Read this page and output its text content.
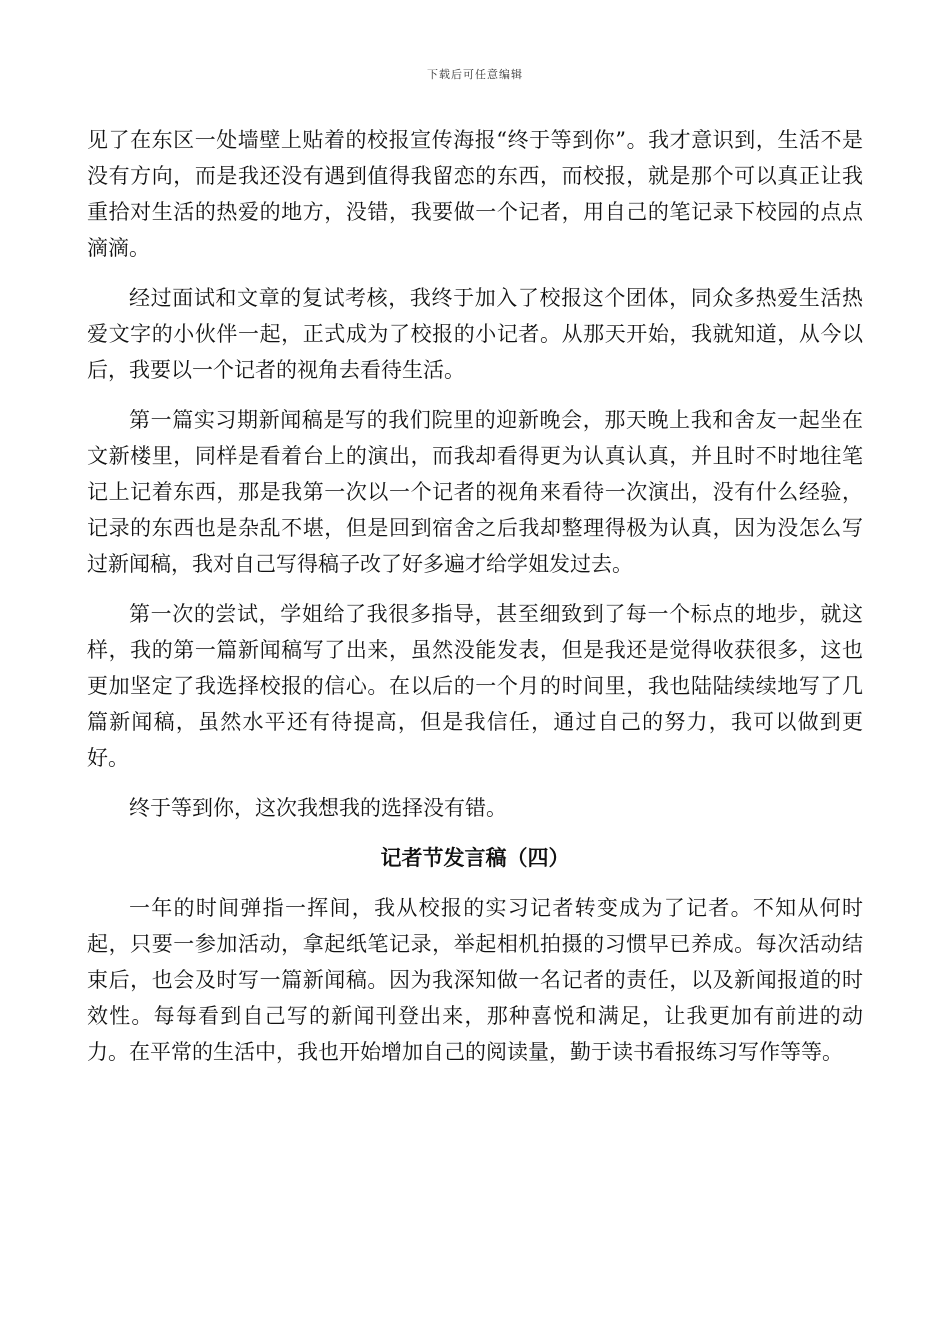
下载后可任意编辑

见了在东区一处墙壁上贴着的校报宣传海报“终于等到你”。我才意识到，生活不是没有方向，而是我还没有遇到值得我留恋的东西，而校报，就是那个可以真正让我重拾对生活的热爱的地方，没错，我要做一个记者，用自己的笔记录下校园的点点滴滴。

经过面试和文章的复试考核，我终于加入了校报这个团体，同众多热爱生活热爱文字的小伙伴一起，正式成为了校报的小记者。从那天开始，我就知道，从今以后，我要以一个记者的视角去看待生活。

第一篇实习期新闻稿是写的我们院里的迎新晚会，那天晚上我和舍友一起坐在文新楼里，同样是看着台上的演出，而我却看得更为认真认真，并且时不时地往笔记上记着东西，那是我第一次以一个记者的视角来看待一次演出，没有什么经验，记录的东西也是杂乱不堪，但是回到宿舍之后我却整理得极为认真，因为没怎么写过新闻稿，我对自己写得稿子改了好多遍才给学姐发过去。

第一次的尝试，学姐给了我很多指导，甚至细致到了每一个标点的地步，就这样，我的第一篇新闻稿写了出来，虽然没能发表，但是我还是觉得收获很多，这也更加坚定了我选择校报的信心。在以后的一个月的时间里，我也陆陆续续地写了几篇新闻稿，虽然水平还有待提高，但是我信任，通过自己的努力，我可以做到更好。

终于等到你，这次我想我的选择没有错。

记者节发言稿（四）

一年的时间弹指一挥间，我从校报的实习记者转变成为了记者。不知从何时起，只要一参加活动，拿起纸笔记录，举起相机拍摄的习惯早已养成。每次活动结束后，也会及时写一篇新闻稿。因为我深知做一名记者的责任，以及新闻报道的时效性。每每看到自己写的新闻刊登出来，那种喜悦和满足，让我更加有前进的动力。在平常的生活中，我也开始增加自己的阅读量，勤于读书看报练习写作等等。
